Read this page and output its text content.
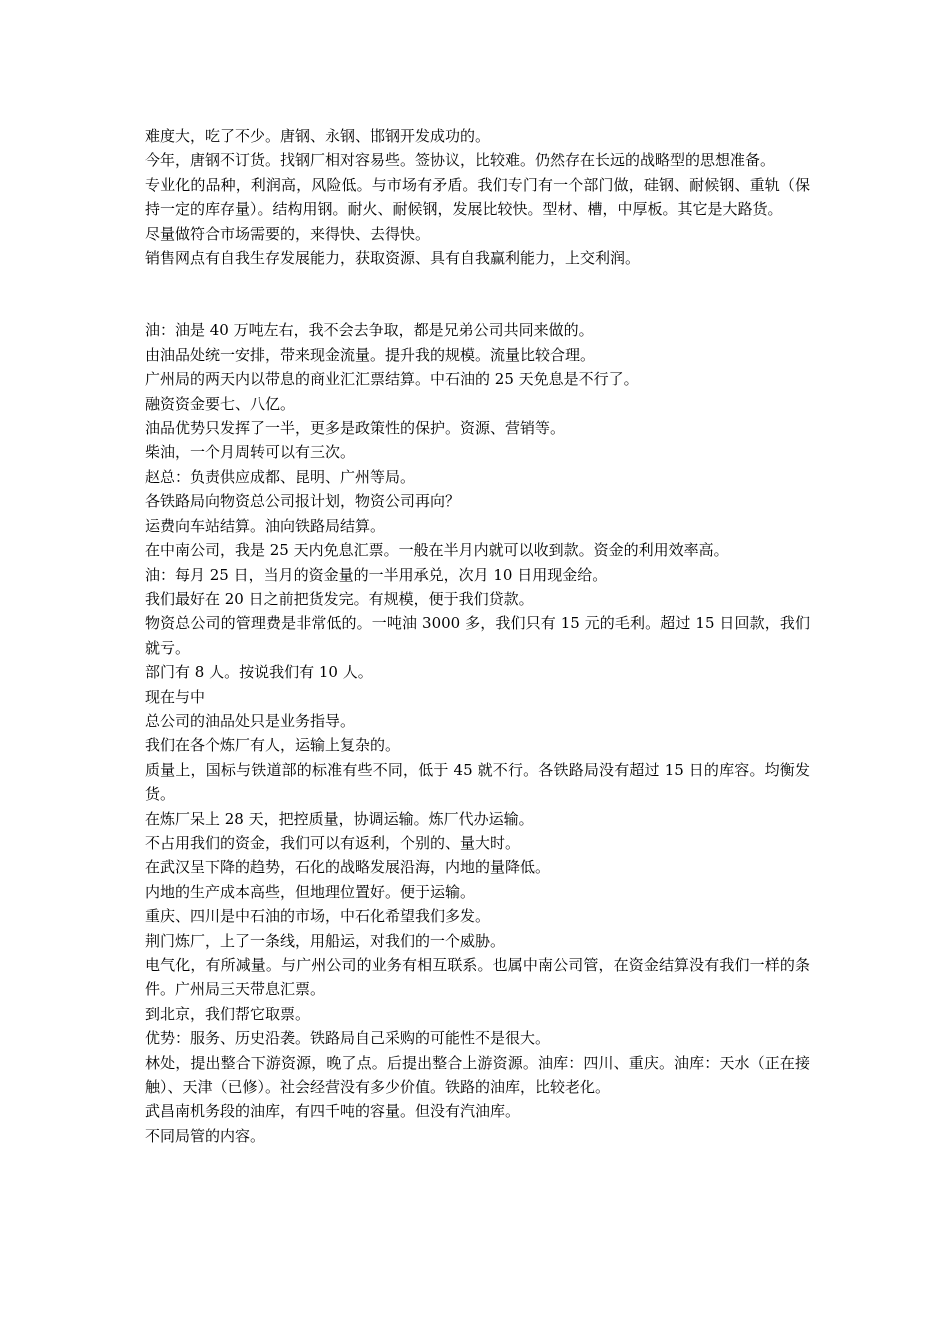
难度大，吃了不少。唐钢、永钢、邯钢开发成功的。

今年，唐钢不订货。找钢厂相对容易些。签协议，比较难。仍然存在长远的战略型的思想准备。

专业化的品种，利润高，风险低。与市场有矛盾。我们专门有一个部门做，硅钢、耐候钢、重轨（保持一定的库存量）。结构用钢。耐火、耐候钢，发展比较快。型材、槽，中厚板。其它是大路货。

尽量做符合市场需要的，来得快、去得快。

销售网点有自我生存发展能力，获取资源、具有自我赢利能力，上交利润。

油：油是 40 万吨左右，我不会去争取，都是兄弟公司共同来做的。

由油品处统一安排，带来现金流量。提升我的规模。流量比较合理。

广州局的两天内以带息的商业汇汇票结算。中石油的 25 天免息是不行了。

融资资金要七、八亿。

油品优势只发挥了一半，更多是政策性的保护。资源、营销等。

柴油，一个月周转可以有三次。

赵总：负责供应成都、昆明、广州等局。

各铁路局向物资总公司报计划，物资公司再向？

运费向车站结算。油向铁路局结算。

在中南公司，我是 25 天内免息汇票。一般在半月内就可以收到款。资金的利用效率高。

油：每月 25 日，当月的资金量的一半用承兑，次月 10 日用现金给。

我们最好在 20 日之前把货发完。有规模，便于我们贷款。

物资总公司的管理费是非常低的。一吨油 3000 多，我们只有 15 元的毛利。超过 15 日回款，我们就亏。

部门有 8 人。按说我们有 10 人。

现在与中

总公司的油品处只是业务指导。

我们在各个炼厂有人，运输上复杂的。

质量上，国标与铁道部的标准有些不同，低于 45 就不行。各铁路局没有超过 15 日的库容。均衡发货。

在炼厂呆上 28 天，把控质量，协调运输。炼厂代办运输。

不占用我们的资金，我们可以有返利，个别的、量大时。

在武汉呈下降的趋势，石化的战略发展沿海，内地的量降低。

内地的生产成本高些，但地理位置好。便于运输。

重庆、四川是中石油的市场，中石化希望我们多发。

荆门炼厂，上了一条线，用船运，对我们的一个威胁。

电气化，有所减量。与广州公司的业务有相互联系。也属中南公司管，在资金结算没有我们一样的条件。广州局三天带息汇票。

到北京，我们帮它取票。

优势：服务、历史沿袭。铁路局自己采购的可能性不是很大。

林处，提出整合下游资源，晚了点。后提出整合上游资源。油库：四川、重庆。油库：天水（正在接触）、天津（已修）。社会经营没有多少价值。铁路的油库，比较老化。

武昌南机务段的油库，有四千吨的容量。但没有汽油库。

不同局管的内容。
